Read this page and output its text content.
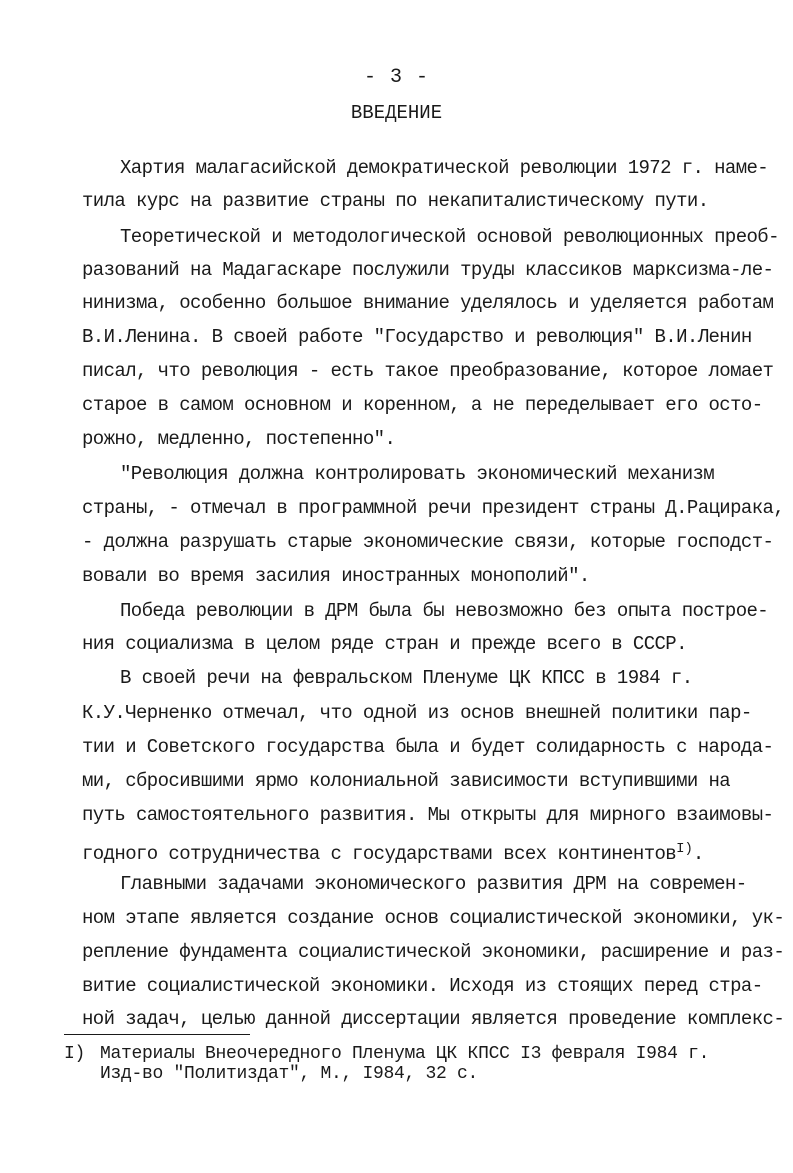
- 3 -
ВВЕДЕНИЕ
Хартия малагасийской демократической революции 1972 г. наме-
тила курс на развитие страны по некапиталистическому пути.
Теоретической и методологической основой революционных преоб-
разований на Мадагаскаре послужили труды классиков марксизма-ле-
нинизма, особенно большое внимание уделялось и уделяется работам
В.И.Ленина. В своей работе "Государство и революция" В.И.Ленин
писал, что революция - есть такое преобразование, которое ломает
старое в самом основном и коренном, а не переделывает его осто-
рожно, медленно, постепенно".
"Революция должна контролировать экономический механизм
страны, - отмечал в программной речи президент страны Д.Рацирака,
- должна разрушать старые экономические связи, которые господст-
вовали во время засилия иностранных монополий".
Победа революции в ДРМ была бы невозможно без опыта построе-
ния социализма в целом ряде стран и прежде всего в СССР.
В своей речи на февральском Пленуме ЦК КПСС в 1984 г.
К.У.Черненко отмечал, что одной из основ внешней политики пар-
тии и Советского государства была и будет солидарность с народа-
ми, сбросившими ярмо колониальной зависимости вступившими на
путь самостоятельного развития. Мы открыты для мирного взаимовы-
годного сотрудничества с государствами всех континентов$^{I)}$.
Главными задачами экономического развития ДРМ на современ-
ном этапе является создание основ социалистической экономики, ук-
репление фундамента социалистической экономики, расширение и раз-
витие социалистической экономики. Исходя из стоящих перед стра-
ной задач, целью данной диссертации является проведение комплекс-
I) Материалы Внеочередного Пленума ЦК КПСС I3 февраля I984 г.
Изд-во "Политиздат", М., I984, 32 с.
